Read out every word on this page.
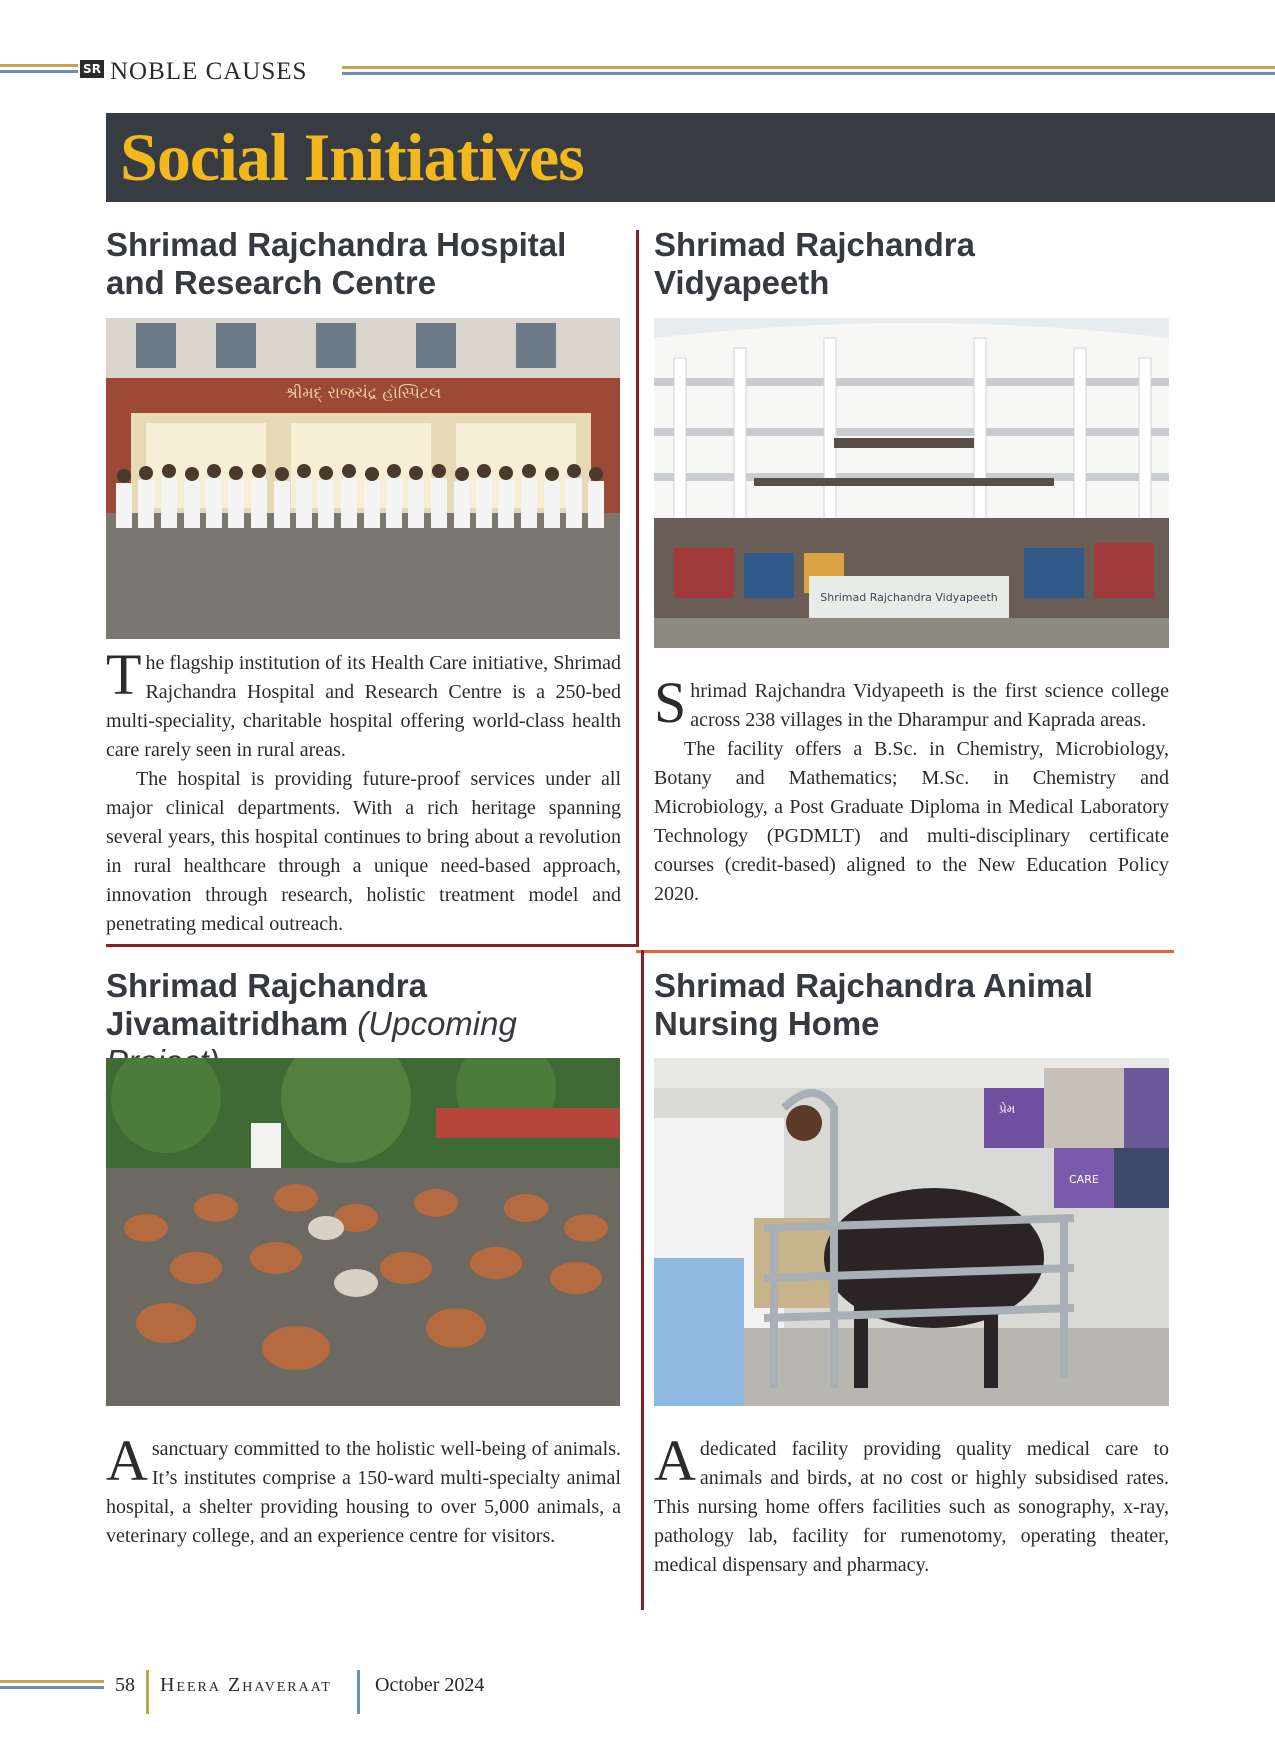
SR NOBLE CAUSES
Social Initiatives
Shrimad Rajchandra Hospital and Research Centre
શ્રીમદ્ રાજચંદ્ર હૉસ્પિટલ

The flagship institution of its Health Care initiative, Shrimad Rajchandra Hospital and Research Centre is a 250-bed multi-speciality, charitable hospital offering world-class health care rarely seen in rural areas.

The hospital is providing future-proof services under all major clinical departments. With a rich heritage spanning several years, this hospital continues to bring about a revolution in rural healthcare through a unique need-based approach, innovation through research, holistic treatment model and penetrating medical outreach.

Shrimad Rajchandra Vidyapeeth
Shrimad Rajchandra Vidyapeeth

Shrimad Rajchandra Vidyapeeth is the first science college across 238 villages in the Dharampur and Kaprada areas.

The facility offers a B.Sc. in Chemistry, Microbiology, Botany and Mathematics; M.Sc. in Chemistry and Microbiology, a Post Graduate Diploma in Medical Laboratory Technology (PGDMLT) and multi-disciplinary certificate courses (credit-based) aligned to the New Education Policy 2020.

Shrimad Rajchandra Jivamaitridham (Upcoming

A sanctuary committed to the holistic well-being of animals. It’s institutes comprise a 150-ward multi-specialty animal hospital, a shelter providing housing to over 5,000 animals, a veterinary college, and an experience centre for visitors.

Shrimad Rajchandra Animal Nursing Home
પ્રેમ
CARE

A dedicated facility providing quality medical care to animals and birds, at no cost or highly subsidised rates. This nursing home offers facilities such as sonography, x-ray, pathology lab, facility for rumenotomy, operating theater, medical dispensary and pharmacy.

58 Heera Zhaveraat October 2024
